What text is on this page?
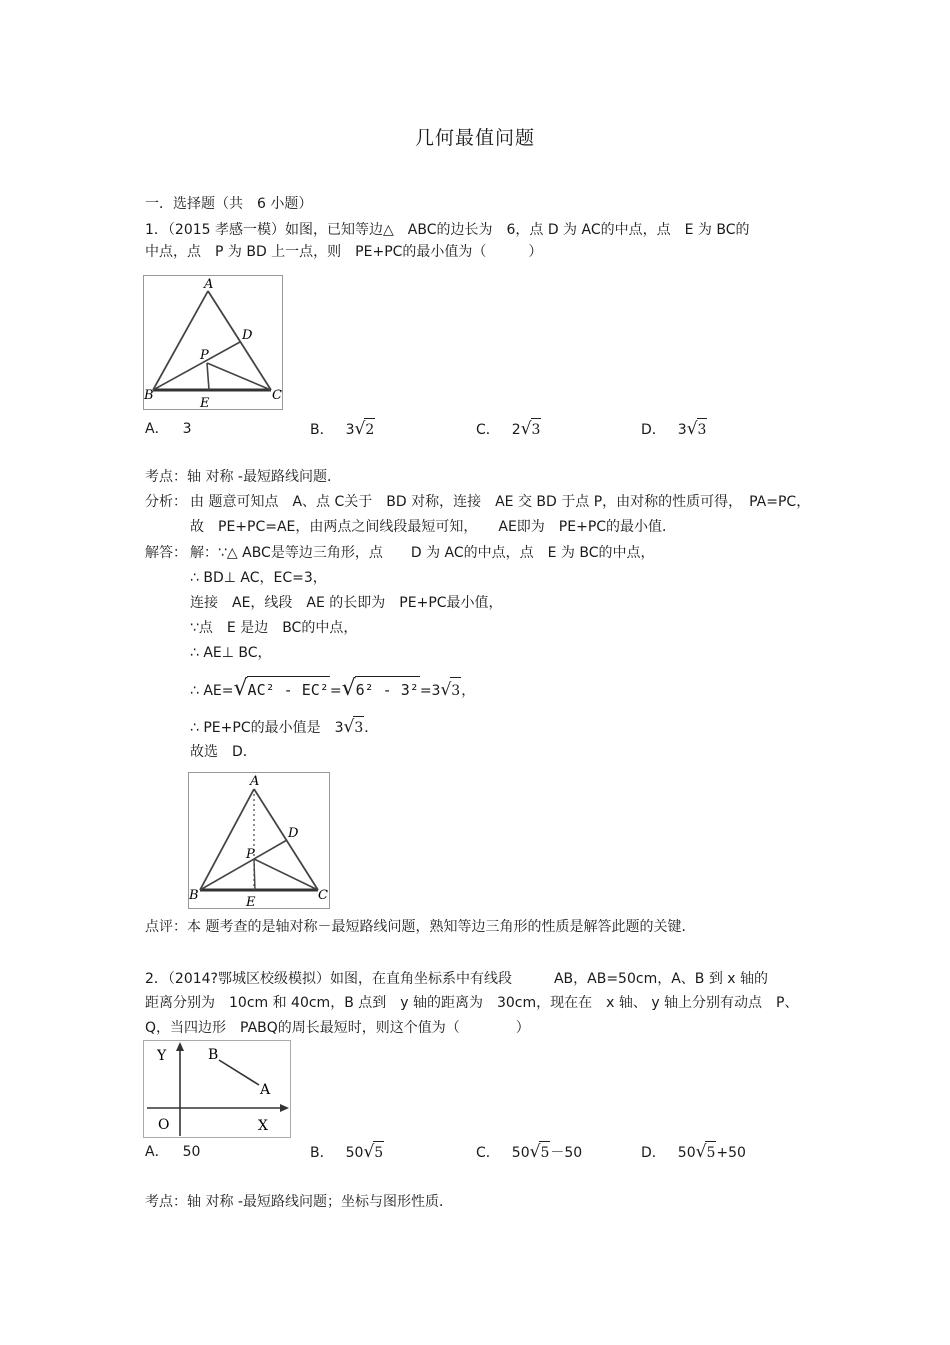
几何最值问题
一．选择题（共　6 小题）
1．（2015 孝感一模）如图，已知等边△　ABC的边长为　6，点 D 为 AC的中点，点　E 为 BC的
中点，点　P 为 BD 上一点，则　PE+PC的最小值为（　　　）
A
D
P
B
E
C
A． 3	B． 3√2	C． 2√3	D． 3√3
考点：轴 对称 -最短路线问题．
分析： 由 题意可知点　A、点 C关于　BD 对称，连接　AE 交 BD 于点 P，由对称的性质可得，　PA=PC，
故　PE+PC=AE，由两点之间线段最短可知，　　AE即为　PE+PC的最小值．
解答： 解：∵△ ABC是等边三角形，点　　D 为 AC的中点，点　E 为 BC的中点，
∴ BD⊥ AC，EC=3，
连接　AE，线段　AE 的长即为　PE+PC最小值，
∵点　E 是边　BC的中点，
∴ AE⊥ BC，
∴ AE=√AC² - EC²=√6² - 3²=3√3，
∴ PE+PC的最小值是　3√3．
故选　D．
A
D
P
B	E	C
点评：本 题考查的是轴对称－最短路线问题，熟知等边三角形的性质是解答此题的关键．
2．（2014?鄂城区校级模拟）如图，在直角坐标系中有线段　　　AB，AB=50cm，A、B 到 x 轴的
距离分别为　10cm 和 40cm，B 点到　y 轴的距离为　30cm，现在在　x 轴、 y 轴上分别有动点　P、
Q，当四边形　PABQ的周长最短时，则这个值为（　　　　）
Y	B
A
O	X
A． 50	B． 50√5	C． 50√5－50	D． 50√5+50
考点：轴 对称 -最短路线问题；坐标与图形性质．
